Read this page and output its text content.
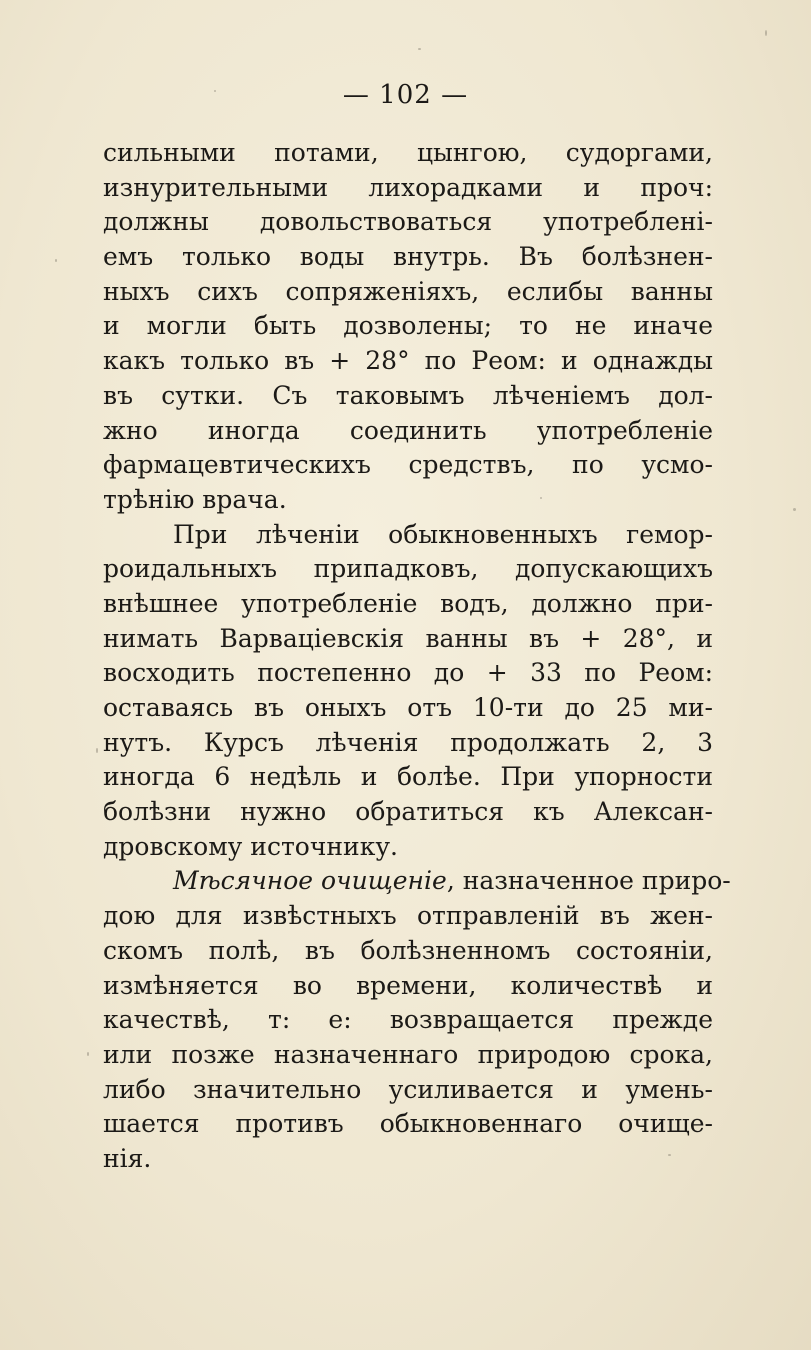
— 102 —
сильными потами, цынгою, судоргами,
изнурительными лихорадками и проч:
должны довольствоваться употреблені-
емъ только воды внутрь. Въ болѣзнен-
ныхъ сихъ сопряженіяхъ, еслибы ванны
и могли быть дозволены; то не иначе
какъ только въ + 28° по Реом: и однажды
въ сутки. Съ таковымъ лѣченіемъ дол-
жно иногда соединить употребленіе
фармацевтическихъ средствъ, по усмо-
трѣнію врача.
При лѣченіи обыкновенныхъ гемор-
роидальныхъ припадковъ, допускающихъ
внѣшнее употребленіе водъ, должно при-
нимать Варваціевскія ванны въ + 28°, и
восходить постепенно до + 33 по Реом:
оставаясь въ оныхъ отъ 10-ти до 25 ми-
нутъ. Курсъ лѣченія продолжать 2, 3
иногда 6 недѣль и болѣе. При упорности
болѣзни нужно обратиться къ Алексан-
дровскому источнику.
Мѣсячное очищеніе, назначенное приро-
дою для извѣстныхъ отправленій въ жен-
скомъ полѣ, въ болѣзненномъ состояніи,
измѣняется во времени, количествѣ и
качествѣ, т: е: возвращается прежде
или позже назначеннаго природою срока,
либо значительно усиливается и умень-
шается противъ обыкновеннаго очище-
нія.
